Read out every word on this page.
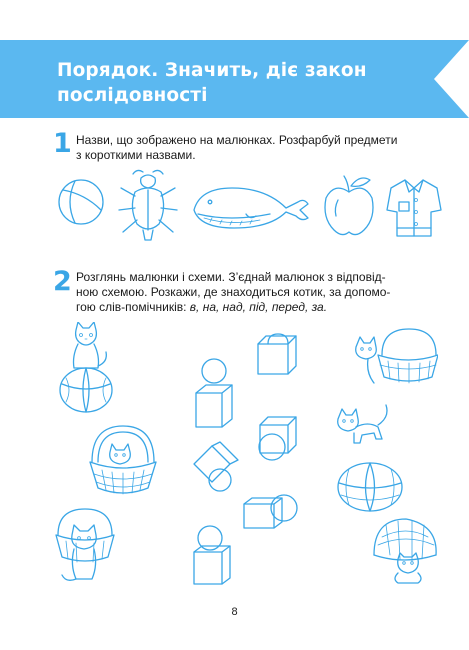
Порядок. Значить, діє закон
послідовності
1 Назви, що зображено на малюнках. Розфарбуй предмети
з короткими назвами.
2 Розглянь малюнки і схеми. З’єднай малюнок з відповід-
ною схемою. Розкажи, де знаходиться котик, за допомо-
гою слів-помічників: в, на, над, під, перед, за.
8
